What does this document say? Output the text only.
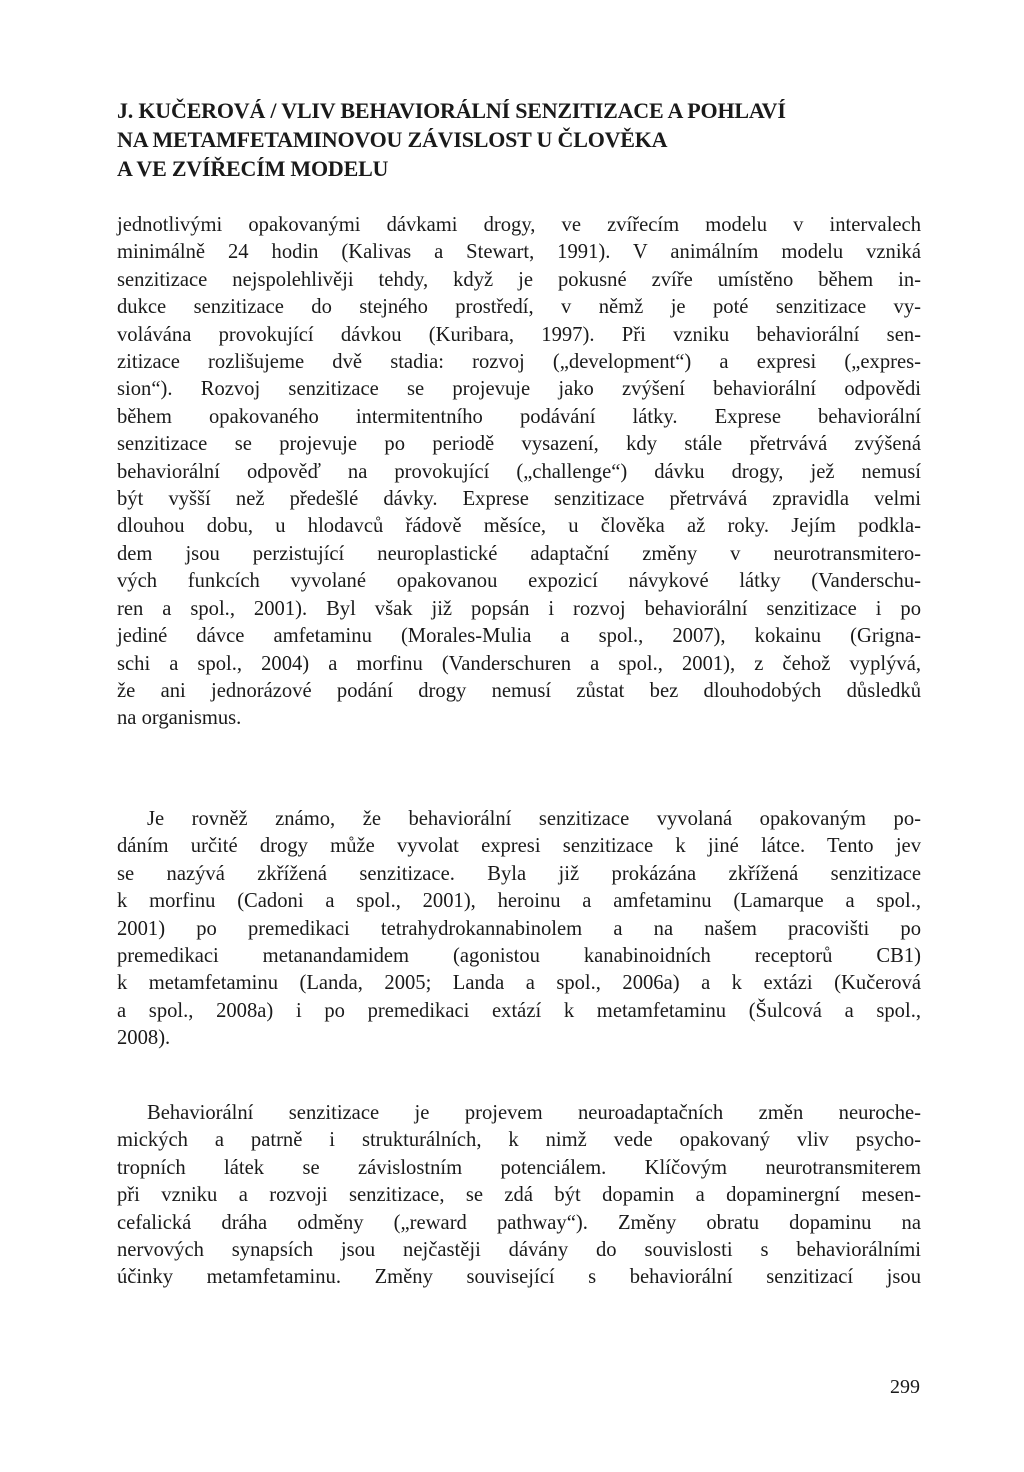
J. KUČEROVÁ / VLIV BEHAVIORÁLNÍ SENZITIZACE A POHLAVÍ
NA METAMFETAMINOVOU ZÁVISLOST U ČLOVĚKA
A VE ZVÍŘECÍM MODELU

jednotlivými opakovanými dávkami drogy, ve zvířecím modelu v intervalech
minimálně 24 hodin (Kalivas a Stewart, 1991). V animálním modelu vzniká
senzitizace nejspolehlivěji tehdy, když je pokusné zvíře umístěno během in-
dukce senzitizace do stejného prostředí, v němž je poté senzitizace vy-
volávána provokující dávkou (Kuribara, 1997). Při vzniku behaviorální sen-
zitizace rozlišujeme dvě stadia: rozvoj („development“) a expresi („expres-
sion“). Rozvoj senzitizace se projevuje jako zvýšení behaviorální odpovědi
během opakovaného intermitentního podávání látky. Exprese behaviorální
senzitizace se projevuje po periodě vysazení, kdy stále přetrvává zvýšená
behaviorální odpověď na provokující („challenge“) dávku drogy, jež nemusí
být vyšší než předešlé dávky. Exprese senzitizace přetrvává zpravidla velmi
dlouhou dobu, u hlodavců řádově měsíce, u člověka až roky. Jejím podkla-
dem jsou perzistující neuroplastické adaptační změny v neurotransmitero-
vých funkcích vyvolané opakovanou expozicí návykové látky (Vanderschu-
ren a spol., 2001). Byl však již popsán i rozvoj behaviorální senzitizace i po
jediné dávce amfetaminu (Morales-Mulia a spol., 2007), kokainu (Grigna-
schi a spol., 2004) a morfinu (Vanderschuren a spol., 2001), z čehož vyplývá,
že ani jednorázové podání drogy nemusí zůstat bez dlouhodobých důsledků
na organismus.

Je rovněž známo, že behaviorální senzitizace vyvolaná opakovaným po-
dáním určité drogy může vyvolat expresi senzitizace k jiné látce. Tento jev
se nazývá zkřížená senzitizace. Byla již prokázána zkřížená senzitizace
k morfinu (Cadoni a spol., 2001), heroinu a amfetaminu (Lamarque a spol.,
2001) po premedikaci tetrahydrokannabinolem a na našem pracovišti po
premedikaci metanandamidem (agonistou kanabinoidních receptorů CB1)
k metamfetaminu (Landa, 2005; Landa a spol., 2006a) a k extázi (Kučerová
a spol., 2008a) i po premedikaci extází k metamfetaminu (Šulcová a spol.,
2008).

Behaviorální senzitizace je projevem neuroadaptačních změn neuroche-
mických a patrně i strukturálních, k nimž vede opakovaný vliv psycho-
tropních látek se závislostním potenciálem. Klíčovým neurotransmiterem
při vzniku a rozvoji senzitizace, se zdá být dopamin a dopaminergní mesen-
cefalická dráha odměny („reward pathway“). Změny obratu dopaminu na
nervových synapsích jsou nejčastěji dávány do souvislosti s behaviorálními
účinky metamfetaminu. Změny související s behaviorální senzitizací jsou

299
